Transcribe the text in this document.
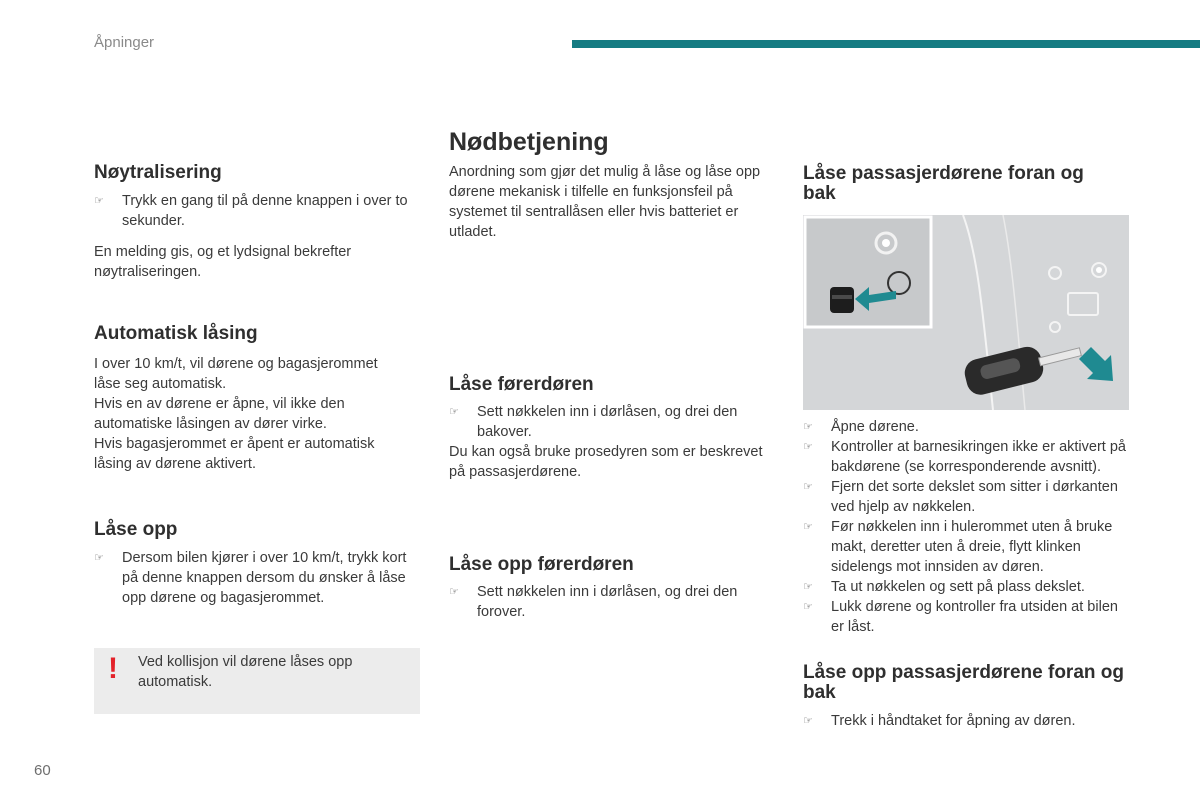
Åpninger
Nøytralisering
☞ Trykk en gang til på denne knappen i over to sekunder.

En melding gis, og et lydsignal bekrefter nøytraliseringen.

Automatisk låsing

I over 10 km/t, vil dørene og bagasjerommet låse seg automatisk.

Hvis en av dørene er åpne, vil ikke den automatiske låsingen av dører virke.

Hvis bagasjerommet er åpent er automatisk låsing av dørene aktivert.

Låse opp
☞ Dersom bilen kjører i over 10 km/t, trykk kort på denne knappen dersom du ønsker å låse opp dørene og bagasjerommet.
! Ved kollisjon vil dørene låses opp automatisk.
Nødbetjening

Anordning som gjør det mulig å låse og låse opp dørene mekanisk i tilfelle en funksjonsfeil på systemet til sentrallåsen eller hvis batteriet er utladet.

Låse førerdøren
☞ Sett nøkkelen inn i dørlåsen, og drei den bakover.

Du kan også bruke prosedyren som er beskrevet på passasjerdørene.

Låse opp førerdøren
☞ Sett nøkkelen inn i dørlåsen, og drei den forover.
Låse passasjerdørene foran og bak
☞ Åpne dørene.
☞ Kontroller at barnesikringen ikke er aktivert på bakdørene (se korresponderende avsnitt).
☞ Fjern det sorte dekslet som sitter i dørkanten ved hjelp av nøkkelen.
☞ Før nøkkelen inn i hulerommet uten å bruke makt, deretter uten å dreie, flytt klinken sidelengs mot innsiden av døren.
☞ Ta ut nøkkelen og sett på plass dekslet.
☞ Lukk dørene og kontroller fra utsiden at bilen er låst.
Låse opp passasjerdørene foran og bak
☞ Trekk i håndtaket for åpning av døren.
60
